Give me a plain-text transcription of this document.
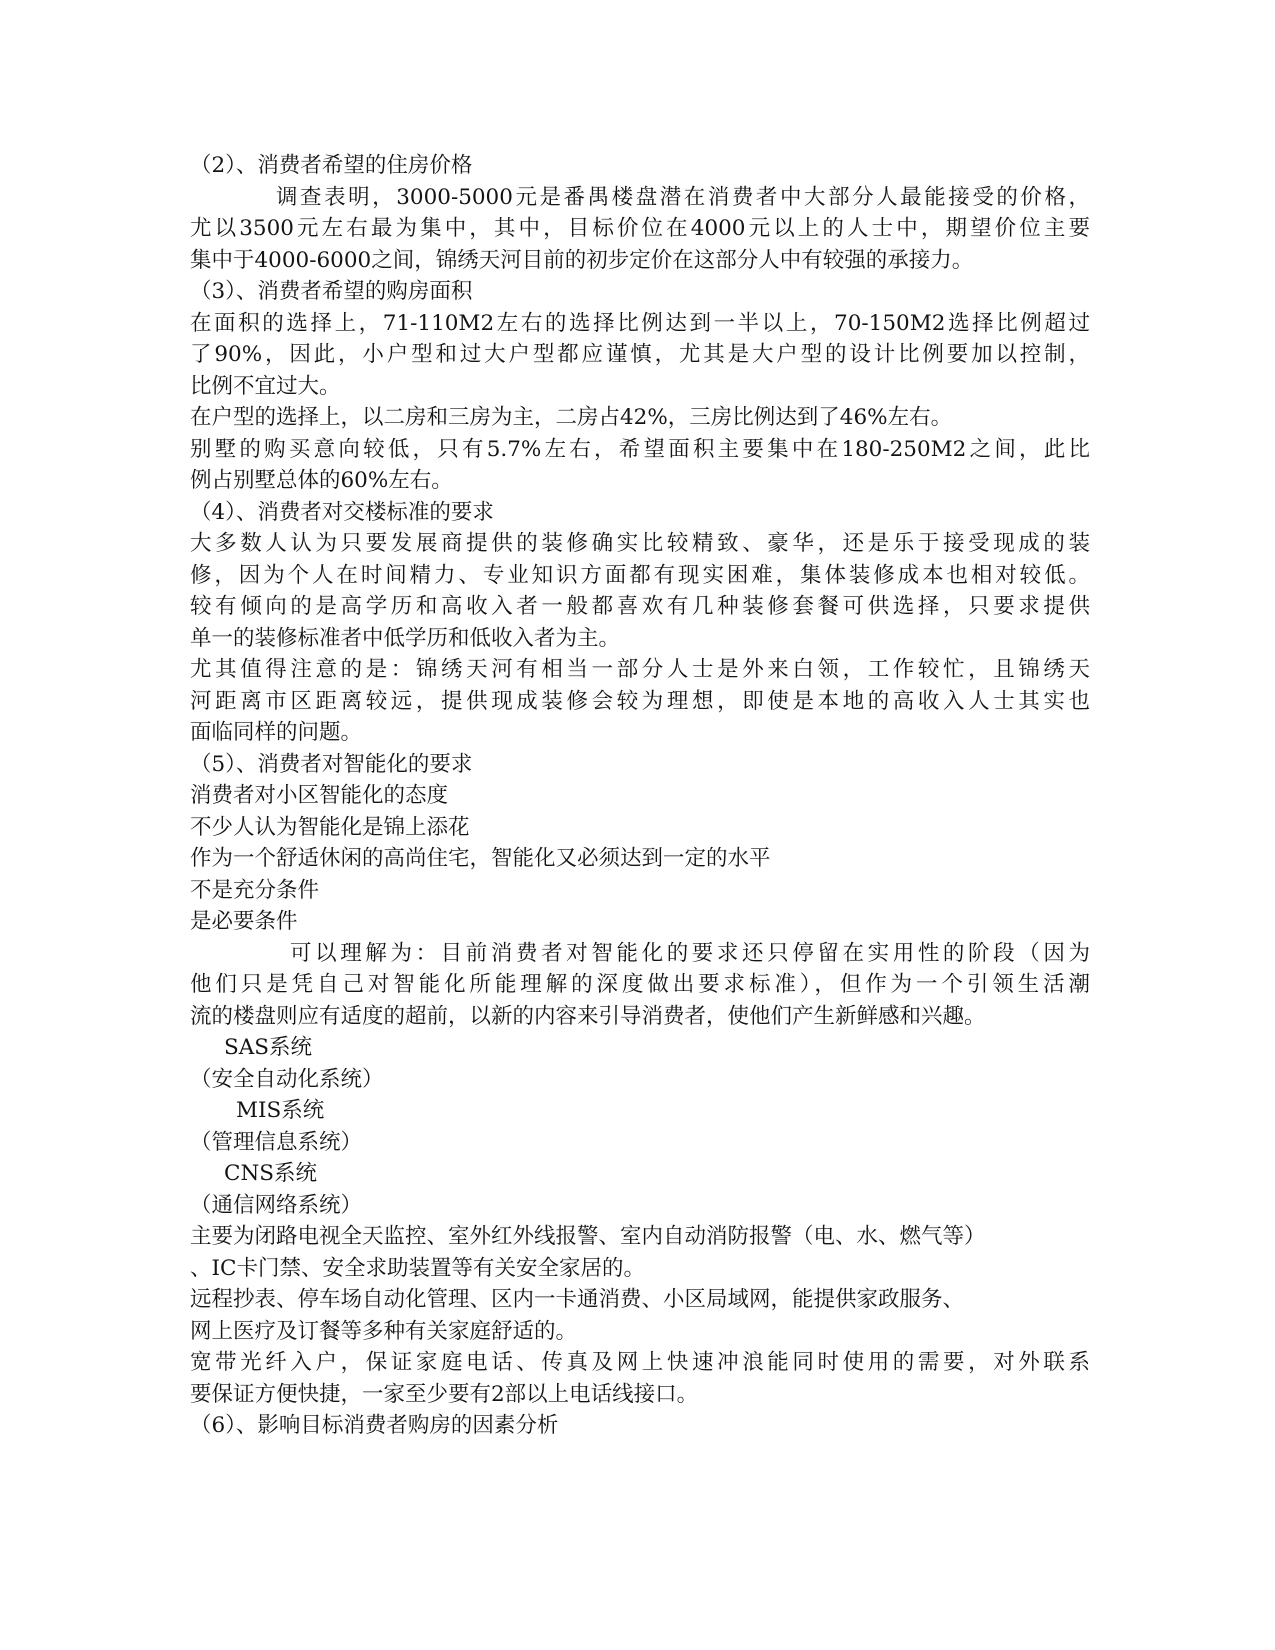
（2）、消费者希望的住房价格
调查表明，3000-5000元是番禺楼盘潜在消费者中大部分人最能接受的价格，
尤以3500元左右最为集中，其中，目标价位在4000元以上的人士中，期望价位主要
集中于4000-6000之间，锦绣天河目前的初步定价在这部分人中有较强的承接力。
（3）、消费者希望的购房面积
在面积的选择上，71-110M2左右的选择比例达到一半以上，70-150M2选择比例超过
了90%，因此，小户型和过大户型都应谨慎，尤其是大户型的设计比例要加以控制，
比例不宜过大。
在户型的选择上，以二房和三房为主，二房占42%，三房比例达到了46%左右。
别墅的购买意向较低，只有5.7%左右，希望面积主要集中在180-250M2之间，此比
例占别墅总体的60%左右。
（4）、消费者对交楼标准的要求
大多数人认为只要发展商提供的装修确实比较精致、豪华，还是乐于接受现成的装
修，因为个人在时间精力、专业知识方面都有现实困难，集体装修成本也相对较低。
较有倾向的是高学历和高收入者一般都喜欢有几种装修套餐可供选择，只要求提供
单一的装修标准者中低学历和低收入者为主。
尤其值得注意的是：锦绣天河有相当一部分人士是外来白领，工作较忙，且锦绣天
河距离市区距离较远，提供现成装修会较为理想，即使是本地的高收入人士其实也
面临同样的问题。
（5）、消费者对智能化的要求
消费者对小区智能化的态度
不少人认为智能化是锦上添花
作为一个舒适休闲的高尚住宅，智能化又必须达到一定的水平
不是充分条件
是必要条件
可以理解为：目前消费者对智能化的要求还只停留在实用性的阶段（因为
他们只是凭自己对智能化所能理解的深度做出要求标准），但作为一个引领生活潮
流的楼盘则应有适度的超前，以新的内容来引导消费者，使他们产生新鲜感和兴趣。
SAS系统
（安全自动化系统）
MIS系统
（管理信息系统）
CNS系统
（通信网络系统）
主要为闭路电视全天监控、室外红外线报警、室内自动消防报警（电、水、燃气等）
、IC卡门禁、安全求助装置等有关安全家居的。
远程抄表、停车场自动化管理、区内一卡通消费、小区局域网，能提供家政服务、
网上医疗及订餐等多种有关家庭舒适的。
宽带光纤入户，保证家庭电话、传真及网上快速冲浪能同时使用的需要，对外联系
要保证方便快捷，一家至少要有2部以上电话线接口。
（6）、影响目标消费者购房的因素分析
